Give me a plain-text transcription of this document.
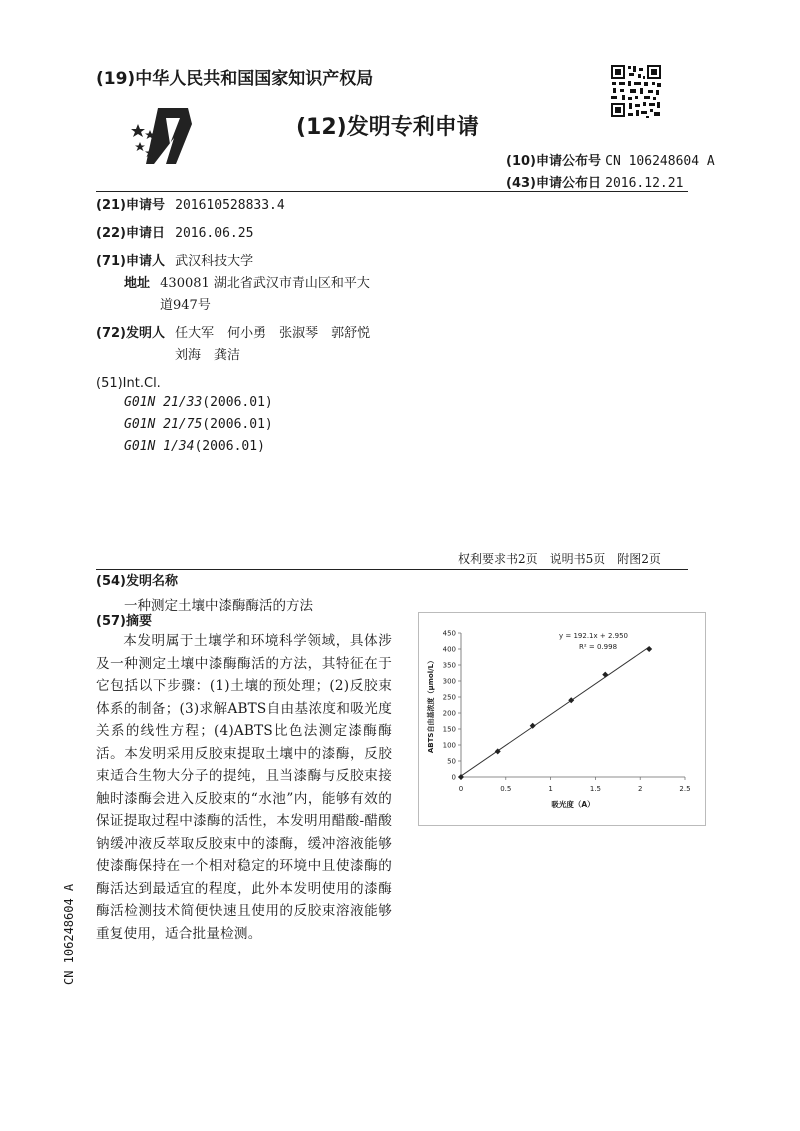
(19)中华人民共和国国家知识产权局
(12)发明专利申请
(10)申请公布号 CN 106248604 A
(43)申请公布日 2016.12.21
(21)申请号 201610528833.4
(22)申请日 2016.06.25
(71)申请人 武汉科技大学
地址 430081 湖北省武汉市青山区和平大
道947号
(72)发明人 任大军　何小勇　张淑琴　郭舒悦
刘海　龚洁
(51)Int.Cl.
G01N 21/33(2006.01)
G01N 21/75(2006.01)
G01N 1/34(2006.01)
权利要求书2页　说明书5页　附图2页
(54)发明名称
一种测定土壤中漆酶酶活的方法
(57)摘要

本发明属于土壤学和环境科学领域，具体涉及一种测定土壤中漆酶酶活的方法，其特征在于它包括以下步骤：(1)土壤的预处理；(2)反胶束体系的制备；(3)求解ABTS自由基浓度和吸光度关系的线性方程；(4)ABTS比色法测定漆酶酶活。本发明采用反胶束提取土壤中的漆酶，反胶束适合生物大分子的提纯，且当漆酶与反胶束接触时漆酶会进入反胶束的“水池”内，能够有效的保证提取过程中漆酶的活性，本发明用醋酸-醋酸钠缓冲液反萃取反胶束中的漆酶，缓冲溶液能够使漆酶保持在一个相对稳定的环境中且使漆酶的酶活达到最适宜的程度，此外本发明使用的漆酶酶活检测技术简便快速且使用的反胶束溶液能够重复使用，适合批量检测。

0
50
100
150
200
250
300
350
400
450
0	0.5	1	1.5	2	2.5
y = 192.1x + 2.950
R² = 0.998
吸光度（A）
ABTS自由基浓度（μmol/L）
CN 106248604 A
